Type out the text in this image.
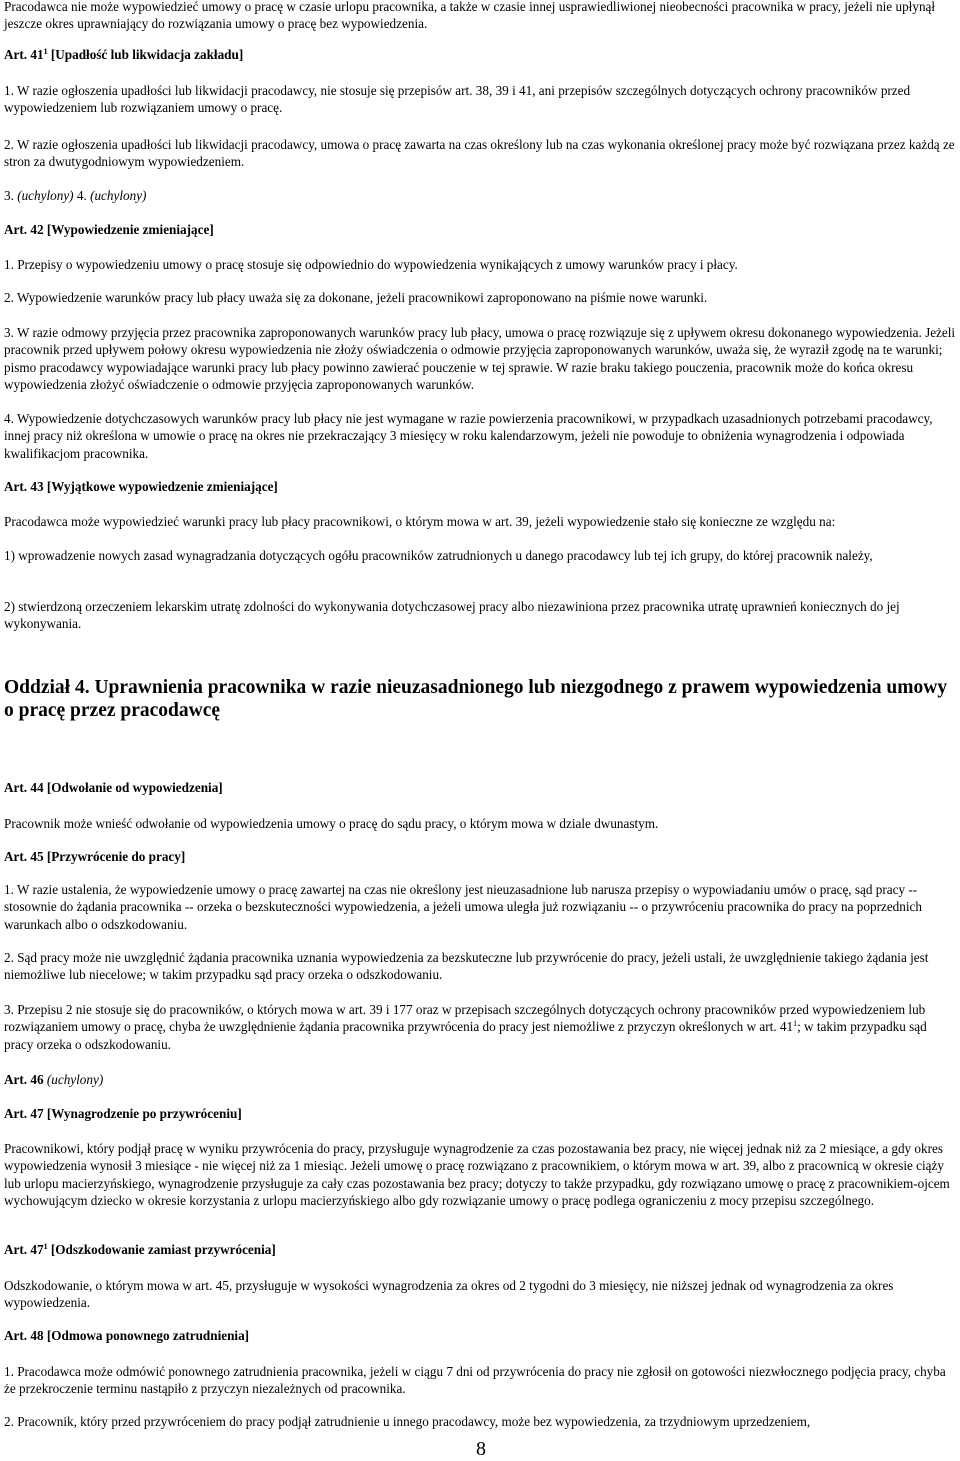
Pracodawca nie może wypowiedzieć umowy o pracę w czasie urlopu pracownika, a także w czasie innej usprawiedliwionej nieobecności pracownika w pracy, jeżeli nie upłynął jeszcze okres uprawniający do rozwiązania umowy o pracę bez wypowiedzenia.

Art. $41^1$ [Upadłość lub likwidacja zakładu]

1. W razie ogłoszenia upadłości lub likwidacji pracodawcy, nie stosuje się przepisów art. 38, 39 i 41, ani przepisów szczególnych dotyczących ochrony pracowników przed wypowiedzeniem lub rozwiązaniem umowy o pracę.

2. W razie ogłoszenia upadłości lub likwidacji pracodawcy, umowa o pracę zawarta na czas określony lub na czas wykonania określonej pracy może być rozwiązana przez każdą ze stron za dwutygodniowym wypowiedzeniem.

3. (uchylony) 4. (uchylony)

Art. 42 [Wypowiedzenie zmieniające]

1. Przepisy o wypowiedzeniu umowy o pracę stosuje się odpowiednio do wypowiedzenia wynikających z umowy warunków pracy i płacy.

2. Wypowiedzenie warunków pracy lub płacy uważa się za dokonane, jeżeli pracownikowi zaproponowano na piśmie nowe warunki.

3. W razie odmowy przyjęcia przez pracownika zaproponowanych warunków pracy lub płacy, umowa o pracę rozwiązuje się z upływem okresu dokonanego wypowiedzenia. Jeżeli pracownik przed upływem połowy okresu wypowiedzenia nie złoży oświadczenia o odmowie przyjęcia zaproponowanych warunków, uważa się, że wyraził zgodę na te warunki; pismo pracodawcy wypowiadające warunki pracy lub płacy powinno zawierać pouczenie w tej sprawie. W razie braku takiego pouczenia, pracownik może do końca okresu wypowiedzenia złożyć oświadczenie o odmowie przyjęcia zaproponowanych warunków.

4. Wypowiedzenie dotychczasowych warunków pracy lub płacy nie jest wymagane w razie powierzenia pracownikowi, w przypadkach uzasadnionych potrzebami pracodawcy, innej pracy niż określona w umowie o pracę na okres nie przekraczający 3 miesięcy w roku kalendarzowym, jeżeli nie powoduje to obniżenia wynagrodzenia i odpowiada kwalifikacjom pracownika.

Art. 43 [Wyjątkowe wypowiedzenie zmieniające]

Pracodawca może wypowiedzieć warunki pracy lub płacy pracownikowi, o którym mowa w art. 39, jeżeli wypowiedzenie stało się konieczne ze względu na:

1) wprowadzenie nowych zasad wynagradzania dotyczących ogółu pracowników zatrudnionych u danego pracodawcy lub tej ich grupy, do której pracownik należy,

2) stwierdzoną orzeczeniem lekarskim utratę zdolności do wykonywania dotychczasowej pracy albo niezawiniona przez pracownika utratę uprawnień koniecznych do jej wykonywania.

Oddział 4. Uprawnienia pracownika w razie nieuzasadnionego lub niezgodnego z prawem wypowiedzenia umowy o pracę przez pracodawcę

Art. 44 [Odwołanie od wypowiedzenia]

Pracownik może wnieść odwołanie od wypowiedzenia umowy o pracę do sądu pracy, o którym mowa w dziale dwunastym.

Art. 45 [Przywrócenie do pracy]

1. W razie ustalenia, że wypowiedzenie umowy o pracę zawartej na czas nie określony jest nieuzasadnione lub narusza przepisy o wypowiadaniu umów o pracę, sąd pracy -- stosownie do żądania pracownika -- orzeka o bezskuteczności wypowiedzenia, a jeżeli umowa uległa już rozwiązaniu -- o przywróceniu pracownika do pracy na poprzednich warunkach albo o odszkodowaniu.

2. Sąd pracy może nie uwzględnić żądania pracownika uznania wypowiedzenia za bezskuteczne lub przywrócenie do pracy, jeżeli ustali, że uwzględnienie takiego żądania jest niemożliwe lub niecelowe; w takim przypadku sąd pracy orzeka o odszkodowaniu.

3. Przepisu 2 nie stosuje się do pracowników, o których mowa w art. 39 i 177 oraz w przepisach szczególnych dotyczących ochrony pracowników przed wypowiedzeniem lub rozwiązaniem umowy o pracę, chyba że uwzględnienie żądania pracownika przywrócenia do pracy jest niemożliwe z przyczyn określonych w art. $41^1$; w takim przypadku sąd pracy orzeka o odszkodowaniu.

Art. 46 (uchylony)

Art. 47 [Wynagrodzenie po przywróceniu]

Pracownikowi, który podjął pracę w wyniku przywrócenia do pracy, przysługuje wynagrodzenie za czas pozostawania bez pracy, nie więcej jednak niż za 2 miesiące, a gdy okres wypowiedzenia wynosił 3 miesiące - nie więcej niż za 1 miesiąc. Jeżeli umowę o pracę rozwiązano z pracownikiem, o którym mowa w art. 39, albo z pracownicą w okresie ciąży lub urlopu macierzyńskiego, wynagrodzenie przysługuje za cały czas pozostawania bez pracy; dotyczy to także przypadku, gdy rozwiązano umowę o pracę z pracownikiem-ojcem wychowującym dziecko w okresie korzystania z urlopu macierzyńskiego albo gdy rozwiązanie umowy o pracę podlega ograniczeniu z mocy przepisu szczególnego.

Art. $47^1$ [Odszkodowanie zamiast przywrócenia]

Odszkodowanie, o którym mowa w art. 45, przysługuje w wysokości wynagrodzenia za okres od 2 tygodni do 3 miesięcy, nie niższej jednak od wynagrodzenia za okres wypowiedzenia.

Art. 48 [Odmowa ponownego zatrudnienia]

1. Pracodawca może odmówić ponownego zatrudnienia pracownika, jeżeli w ciągu 7 dni od przywrócenia do pracy nie zgłosił on gotowości niezwłocznego podjęcia pracy, chyba że przekroczenie terminu nastąpiło z przyczyn niezależnych od pracownika.

2. Pracownik, który przed przywróceniem do pracy podjął zatrudnienie u innego pracodawcy, może bez wypowiedzenia, za trzydniowym uprzedzeniem,

8
